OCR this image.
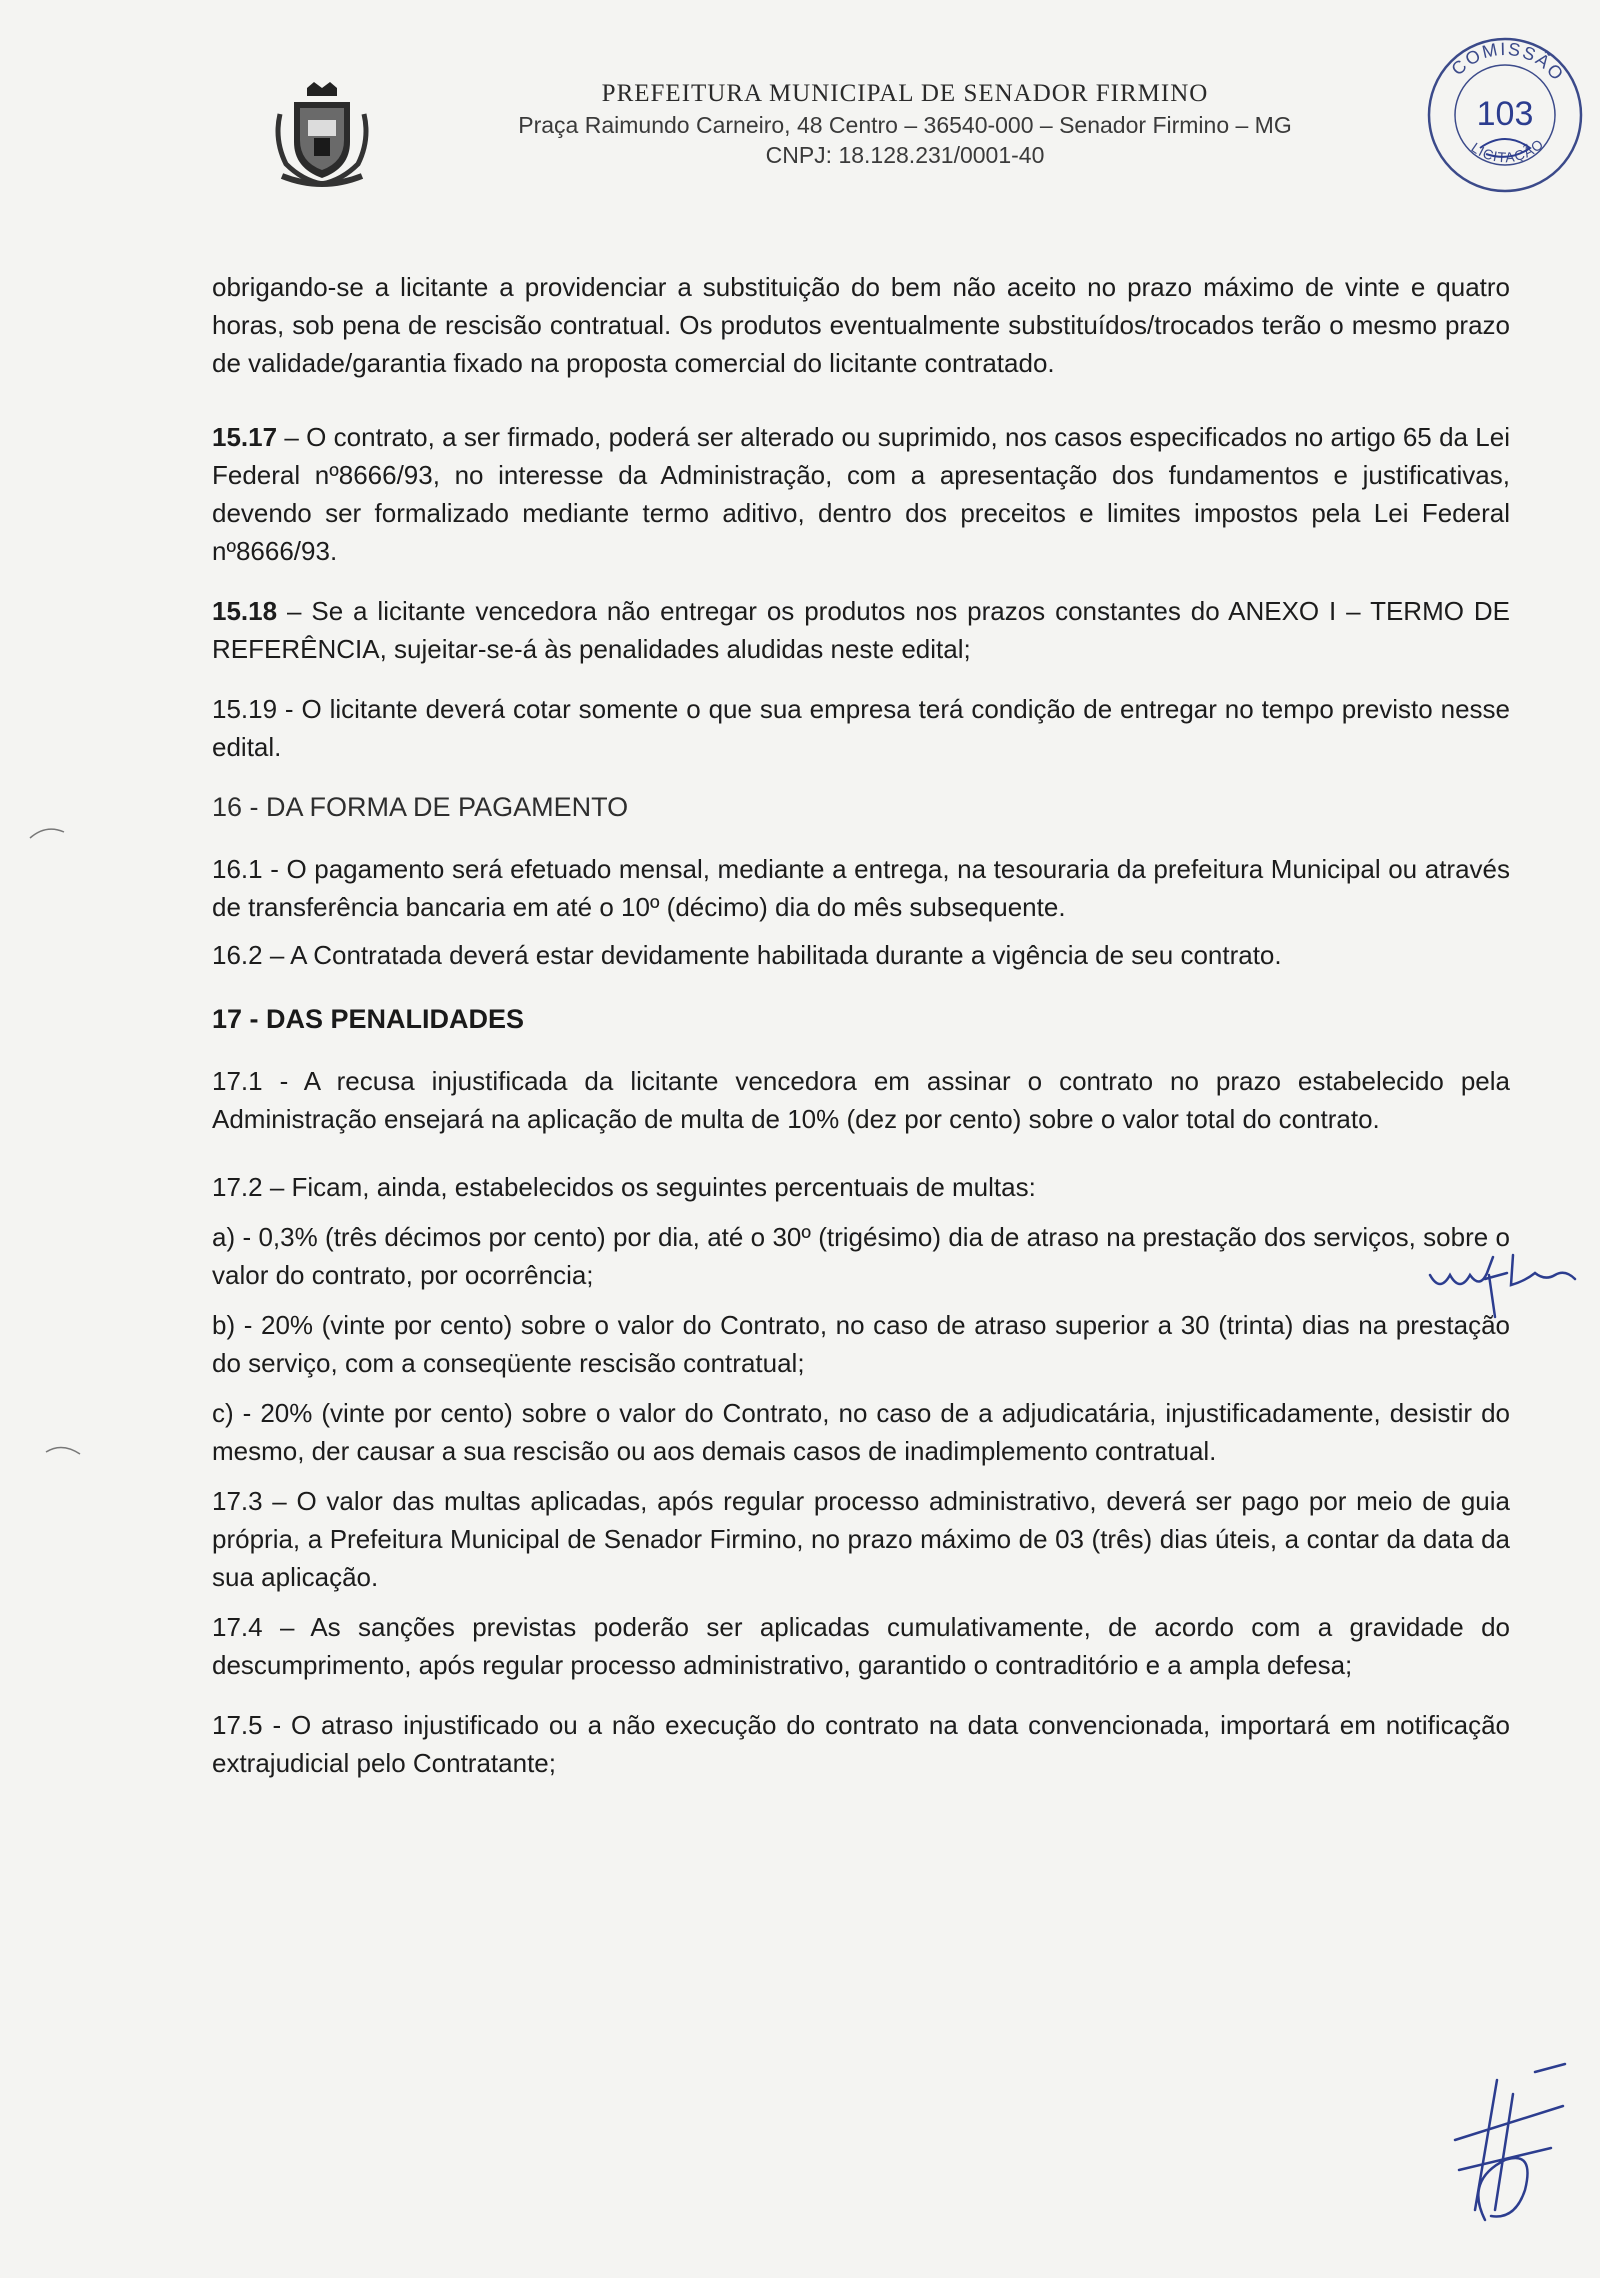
PREFEITURA MUNICIPAL DE SENADOR FIRMINO
Praça Raimundo Carneiro, 48 Centro – 36540-000 – Senador Firmino – MG
CNPJ: 18.128.231/0001-40
COMISSÃO
103
LICITAÇÃO

obrigando-se a licitante a providenciar a substituição do bem não aceito no prazo máximo de vinte e quatro horas, sob pena de rescisão contratual. Os produtos eventualmente substituídos/trocados terão o mesmo prazo de validade/garantia fixado na proposta comercial do licitante contratado.

15.17 – O contrato, a ser firmado, poderá ser alterado ou suprimido, nos casos especificados no artigo 65 da Lei Federal nº8666/93, no interesse da Administração, com a apresentação dos fundamentos e justificativas, devendo ser formalizado mediante termo aditivo, dentro dos preceitos e limites impostos pela Lei Federal nº8666/93.

15.18 – Se a licitante vencedora não entregar os produtos nos prazos constantes do ANEXO I – TERMO DE REFERÊNCIA, sujeitar-se-á às penalidades aludidas neste edital;

15.19 - O licitante deverá cotar somente o que sua empresa terá condição de entregar no tempo previsto nesse edital.

16 - DA FORMA DE PAGAMENTO

16.1 - O pagamento será efetuado mensal, mediante a entrega, na tesouraria da prefeitura Municipal ou através de transferência bancaria em até o 10º (décimo) dia do mês subsequente.

16.2 – A Contratada deverá estar devidamente habilitada durante a vigência de seu contrato.

17 - DAS PENALIDADES

17.1 - A recusa injustificada da licitante vencedora em assinar o contrato no prazo estabelecido pela Administração ensejará na aplicação de multa de 10% (dez por cento) sobre o valor total do contrato.

17.2 – Ficam, ainda, estabelecidos os seguintes percentuais de multas:

a) - 0,3% (três décimos por cento) por dia, até o 30º (trigésimo) dia de atraso na prestação dos serviços, sobre o valor do contrato, por ocorrência;

b) - 20% (vinte por cento) sobre o valor do Contrato, no caso de atraso superior a 30 (trinta) dias na prestação do serviço, com a conseqüente rescisão contratual;

c) - 20% (vinte por cento) sobre o valor do Contrato, no caso de a adjudicatária, injustificadamente, desistir do mesmo, der causar a sua rescisão ou aos demais casos de inadimplemento contratual.

17.3 – O valor das multas aplicadas, após regular processo administrativo, deverá ser pago por meio de guia própria, a Prefeitura Municipal de Senador Firmino, no prazo máximo de 03 (três) dias úteis, a contar da data da sua aplicação.

17.4 – As sanções previstas poderão ser aplicadas cumulativamente, de acordo com a gravidade do descumprimento, após regular processo administrativo, garantido o contraditório e a ampla defesa;

17.5 - O atraso injustificado ou a não execução do contrato na data convencionada, importará em notificação extrajudicial pelo Contratante;
